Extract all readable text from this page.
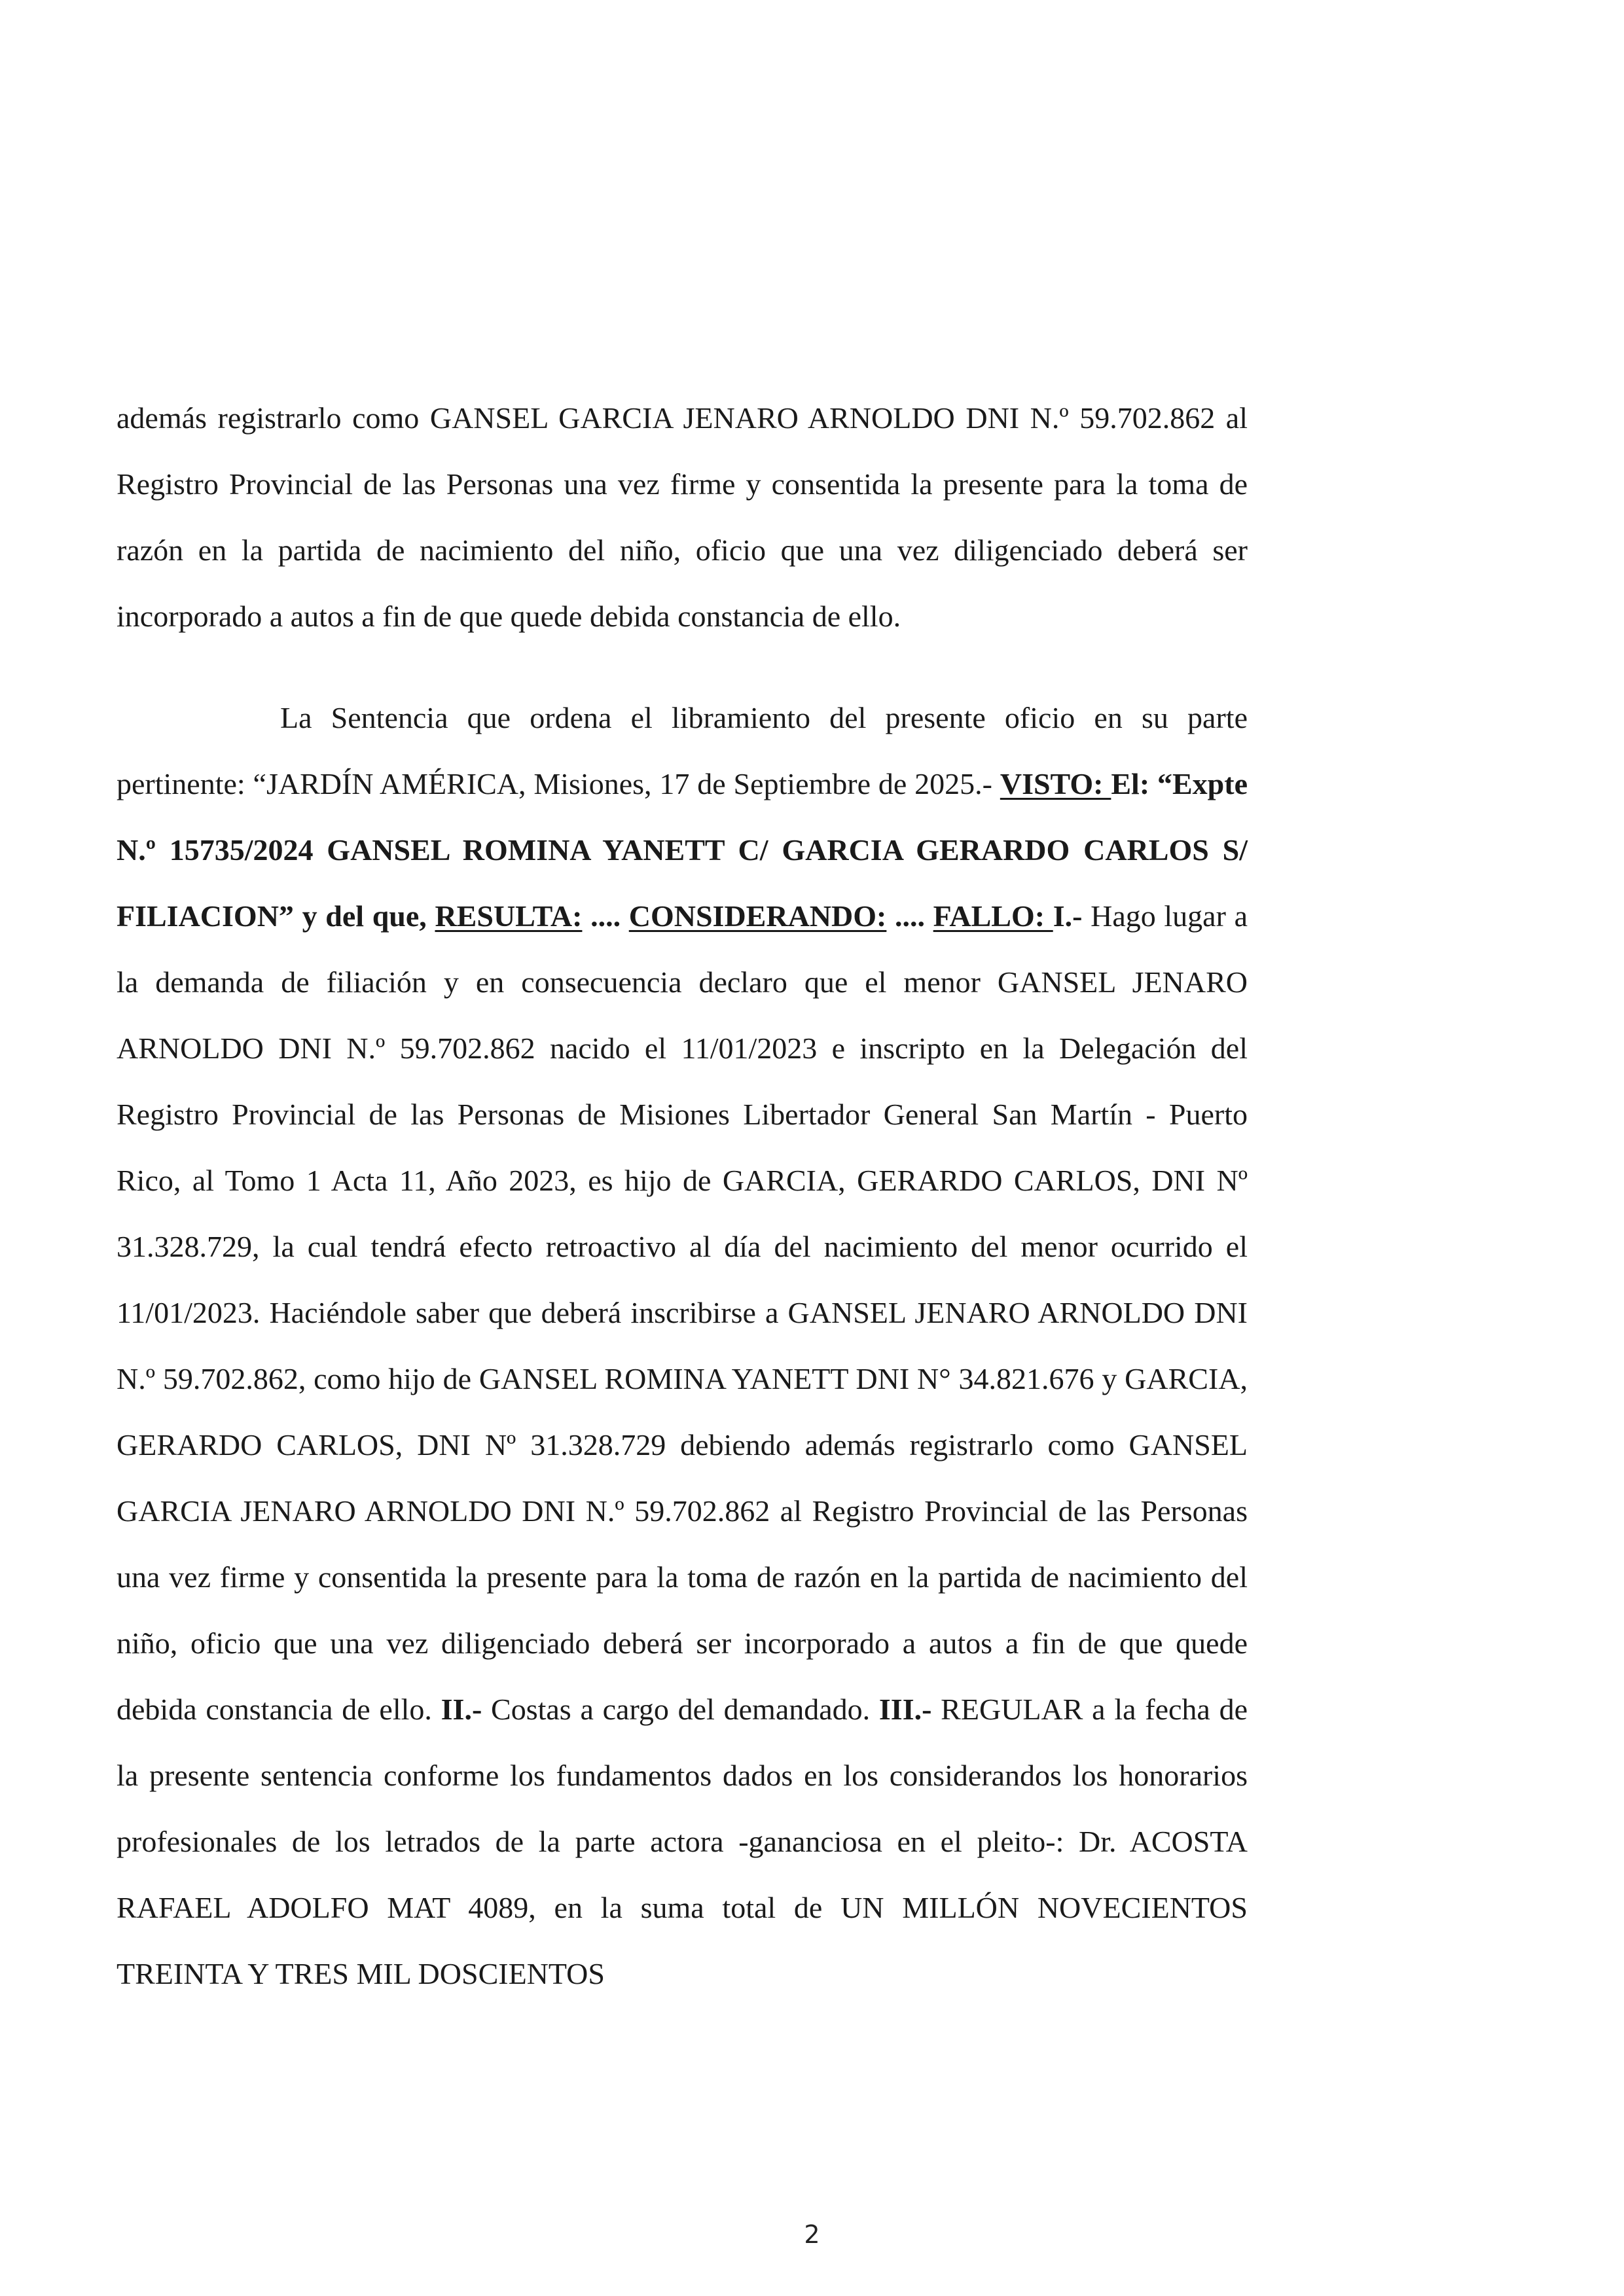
además registrarlo como GANSEL GARCIA JENARO ARNOLDO DNI N.º 59.702.862 al Registro Provincial de las Personas una vez firme y consentida la presente para la toma de razón en la partida de nacimiento del niño, oficio que una vez diligenciado deberá ser incorporado a autos a fin de que quede debida constancia de ello.

La Sentencia que ordena el libramiento del presente oficio en su parte pertinente: “JARDÍN AMÉRICA, Misiones, 17 de Septiembre de 2025.- VISTO: El: “Expte N.º 15735/2024 GANSEL ROMINA YANETT C/ GARCIA GERARDO CARLOS S/ FILIACION” y del que, RESULTA: .... CONSIDERANDO: .... FALLO: I.- Hago lugar a la demanda de filiación y en consecuencia declaro que el menor GANSEL JENARO ARNOLDO DNI N.º 59.702.862 nacido el 11/01/2023 e inscripto en la Delegación del Registro Provincial de las Personas de Misiones Libertador General San Martín - Puerto Rico, al Tomo 1 Acta 11, Año 2023, es hijo de GARCIA, GERARDO CARLOS, DNI Nº 31.328.729, la cual tendrá efecto retroactivo al día del nacimiento del menor ocurrido el 11/01/2023. Haciéndole saber que deberá inscribirse a GANSEL JENARO ARNOLDO DNI N.º 59.702.862, como hijo de GANSEL ROMINA YANETT DNI N° 34.821.676 y GARCIA, GERARDO CARLOS, DNI Nº 31.328.729 debiendo además registrarlo como GANSEL GARCIA JENARO ARNOLDO DNI N.º 59.702.862 al Registro Provincial de las Personas una vez firme y consentida la presente para la toma de razón en la partida de nacimiento del niño, oficio que una vez diligenciado deberá ser incorporado a autos a fin de que quede debida constancia de ello. II.- Costas a cargo del demandado. III.- REGULAR a la fecha de la presente sentencia conforme los fundamentos dados en los considerandos los honorarios profesionales de los letrados de la parte actora -gananciosa en el pleito-: Dr. ACOSTA RAFAEL ADOLFO MAT 4089, en la suma total de UN MILLÓN NOVECIENTOS TREINTA Y TRES MIL DOSCIENTOS

2
